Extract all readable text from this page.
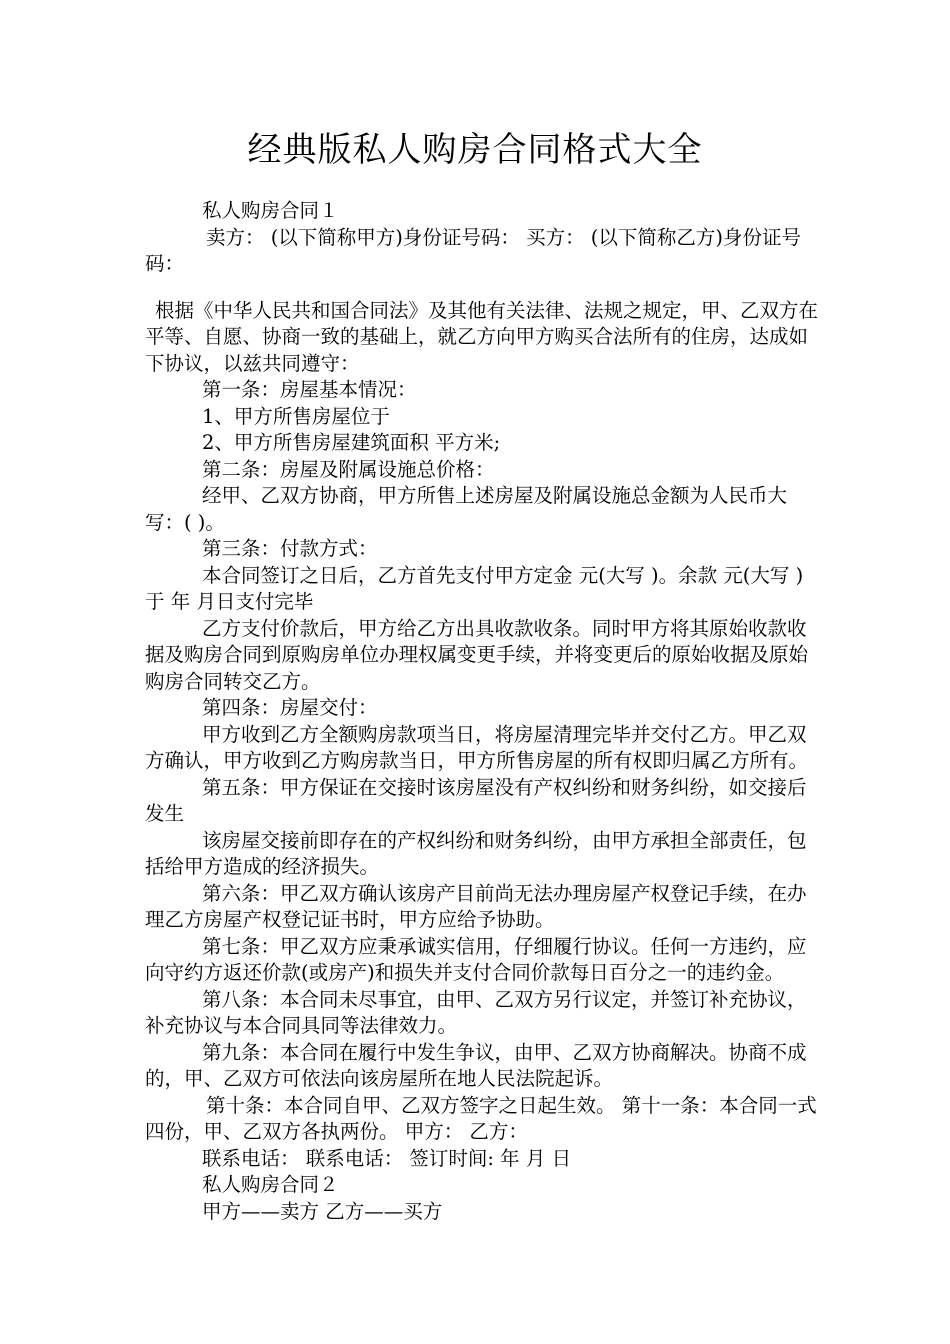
经典版私人购房合同格式大全

私人购房合同１

卖方： (以下简称甲方)身份证号码： 买方： (以下简称乙方)身份证号码：

根据《中华人民共和国合同法》及其他有关法律、法规之规定，甲、乙双方在平等、自愿、协商一致的基础上，就乙方向甲方购买合法所有的住房，达成如下协议，以兹共同遵守：

第一条：房屋基本情况：

1、甲方所售房屋位于

2、甲方所售房屋建筑面积 平方米;

第二条：房屋及附属设施总价格：

经甲、乙双方协商，甲方所售上述房屋及附属设施总金额为人民币大写：( )。

第三条：付款方式：

本合同签订之日后，乙方首先支付甲方定金 元(大写 )。余款 元(大写 )于 年 月日支付完毕

乙方支付价款后，甲方给乙方出具收款收条。同时甲方将其原始收款收据及购房合同到原购房单位办理权属变更手续，并将变更后的原始收据及原始购房合同转交乙方。

第四条：房屋交付：

甲方收到乙方全额购房款项当日，将房屋清理完毕并交付乙方。甲乙双方确认，甲方收到乙方购房款当日，甲方所售房屋的所有权即归属乙方所有。

第五条：甲方保证在交接时该房屋没有产权纠纷和财务纠纷，如交接后发生

该房屋交接前即存在的产权纠纷和财务纠纷，由甲方承担全部责任，包括给甲方造成的经济损失。

第六条：甲乙双方确认该房产目前尚无法办理房屋产权登记手续，在办理乙方房屋产权登记证书时，甲方应给予协助。

第七条：甲乙双方应秉承诚实信用，仔细履行协议。任何一方违约，应向守约方返还价款(或房产)和损失并支付合同价款每日百分之一的违约金。

第八条：本合同未尽事宜，由甲、乙双方另行议定，并签订补充协议，补充协议与本合同具同等法律效力。

第九条：本合同在履行中发生争议，由甲、乙双方协商解决。协商不成的，甲、乙双方可依法向该房屋所在地人民法院起诉。

第十条：本合同自甲、乙双方签字之日起生效。 第十一条：本合同一式四份，甲、乙双方各执两份。 甲方： 乙方：

联系电话： 联系电话： 签订时间: 年 月 日

私人购房合同２

甲方——卖方 乙方——买方
